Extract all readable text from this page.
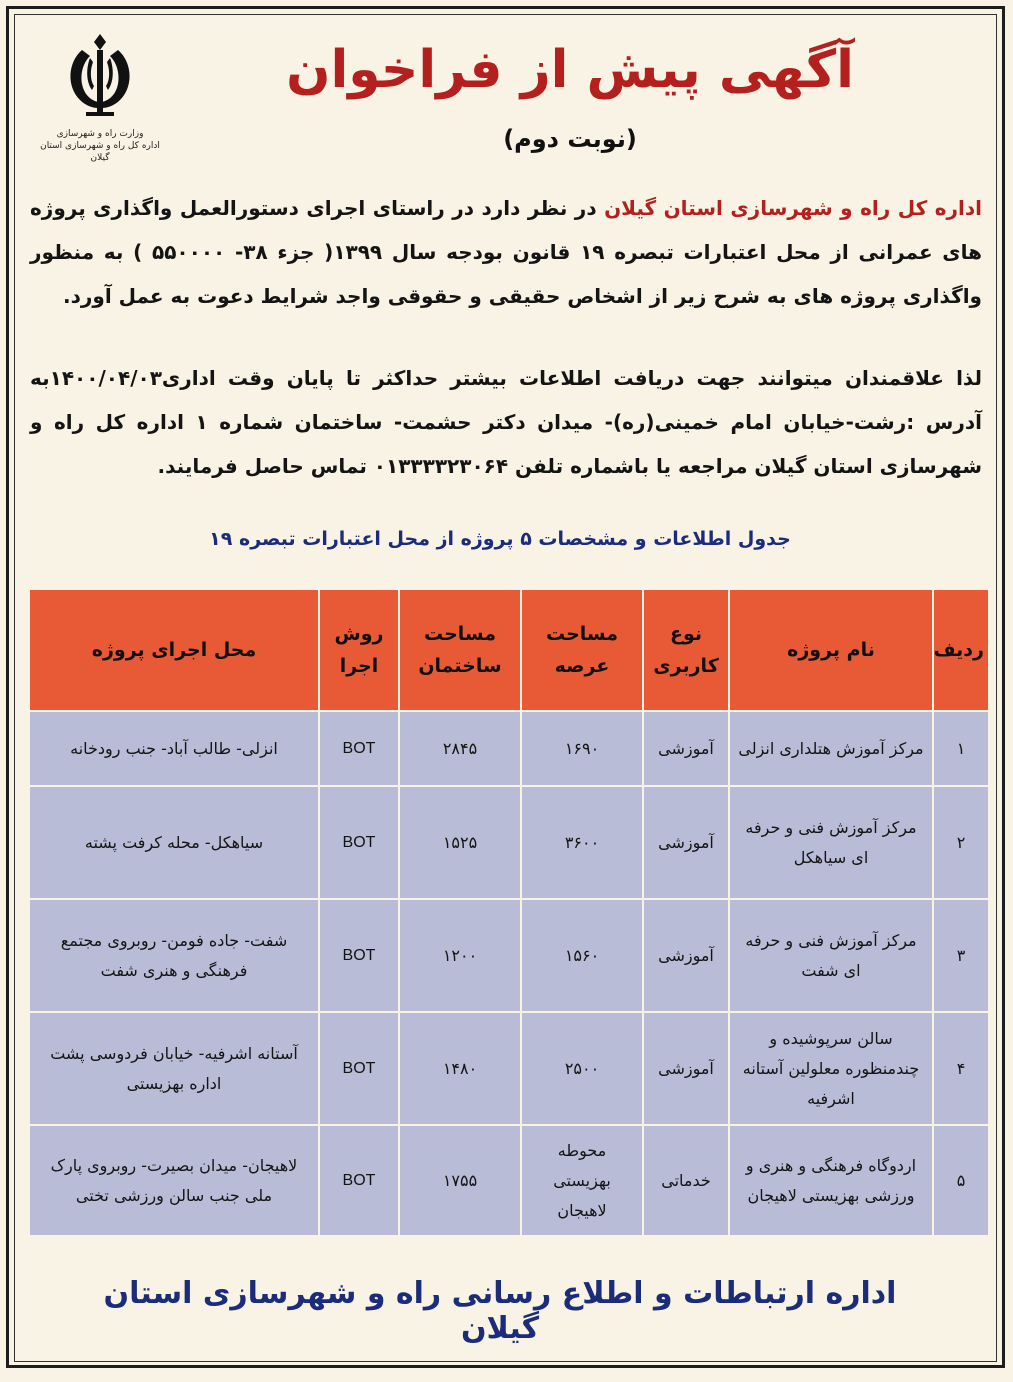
وزارت راه و شهرسازی
اداره کل راه و شهرسازی استان گیلان
آگهی پیش از فراخوان
(نوبت دوم)
اداره کل راه و شهرسازی استان گیلان در نظر دارد در راستای اجرای دستورالعمل واگذاری پروژه های عمرانی از محل اعتبارات تبصره ۱۹ قانون بودجه سال ۱۳۹۹( جزء ۳۸- ۵۵۰۰۰۰ ) به منظور واگذاری پروژه های به شرح زیر از اشخاص حقیقی و حقوقی واجد شرایط دعوت به عمل آورد.
لذا علاقمندان میتوانند جهت دریافت اطلاعات بیشتر حداکثر تا پایان وقت اداری۱۴۰۰/۰۴/۰۳به آدرس :رشت-خیابان امام خمینی(ره)- میدان دکتر حشمت- ساختمان شماره ۱ اداره کل راه و شهرسازی استان گیلان مراجعه یا باشماره تلفن ۰۱۳۳۳۳۲۳۰۶۴ تماس حاصل فرمایند.
جدول اطلاعات و مشخصات ۵ پروژه از محل اعتبارات تبصره ۱۹
ردیف	نام پروژه	نوع کاربری	مساحت عرصه	مساحت ساختمان	روش اجرا	محل اجرای پروژه
۱	مرکز آموزش هتلداری انزلی	آموزشی	۱۶۹۰	۲۸۴۵	BOT	انزلی- طالب آباد- جنب رودخانه
۲	مرکز آموزش فنی و حرفه ای سیاهکل	آموزشی	۳۶۰۰	۱۵۲۵	BOT	سیاهکل- محله کرفت پشته
۳	مرکز آموزش فنی و حرفه ای شفت	آموزشی	۱۵۶۰	۱۲۰۰	BOT	شفت- جاده فومن- روبروی مجتمع فرهنگی و هنری شفت
۴	سالن سرپوشیده و چندمنظوره معلولین آستانه اشرفیه	آموزشی	۲۵۰۰	۱۴۸۰	BOT	آستانه اشرفیه- خیابان فردوسی پشت اداره بهزیستی
۵	اردوگاه فرهنگی و هنری و ورزشی بهزیستی لاهیجان	خدماتی	محوطه بهزیستی لاهیجان	۱۷۵۵	BOT	لاهیجان- میدان بصیرت- روبروی پارک ملی جنب سالن ورزشی تختی
اداره ارتباطات و اطلاع رسانی راه و شهرسازی استان گیلان
